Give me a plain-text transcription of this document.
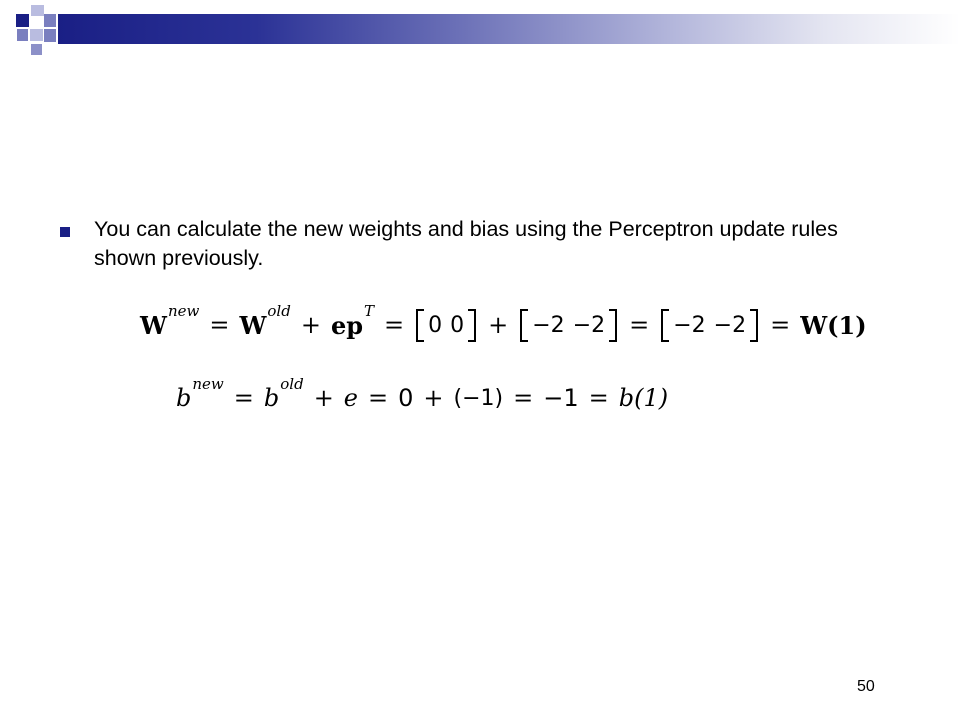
You can calculate the new weights and bias using the Perceptron update rules shown previously.
W new = W old + ep T = 0 0 + −2 −2 = −2 −2 = W(1)
b new = b old + e = 0 + (−1) = −1 = b(1)
50
